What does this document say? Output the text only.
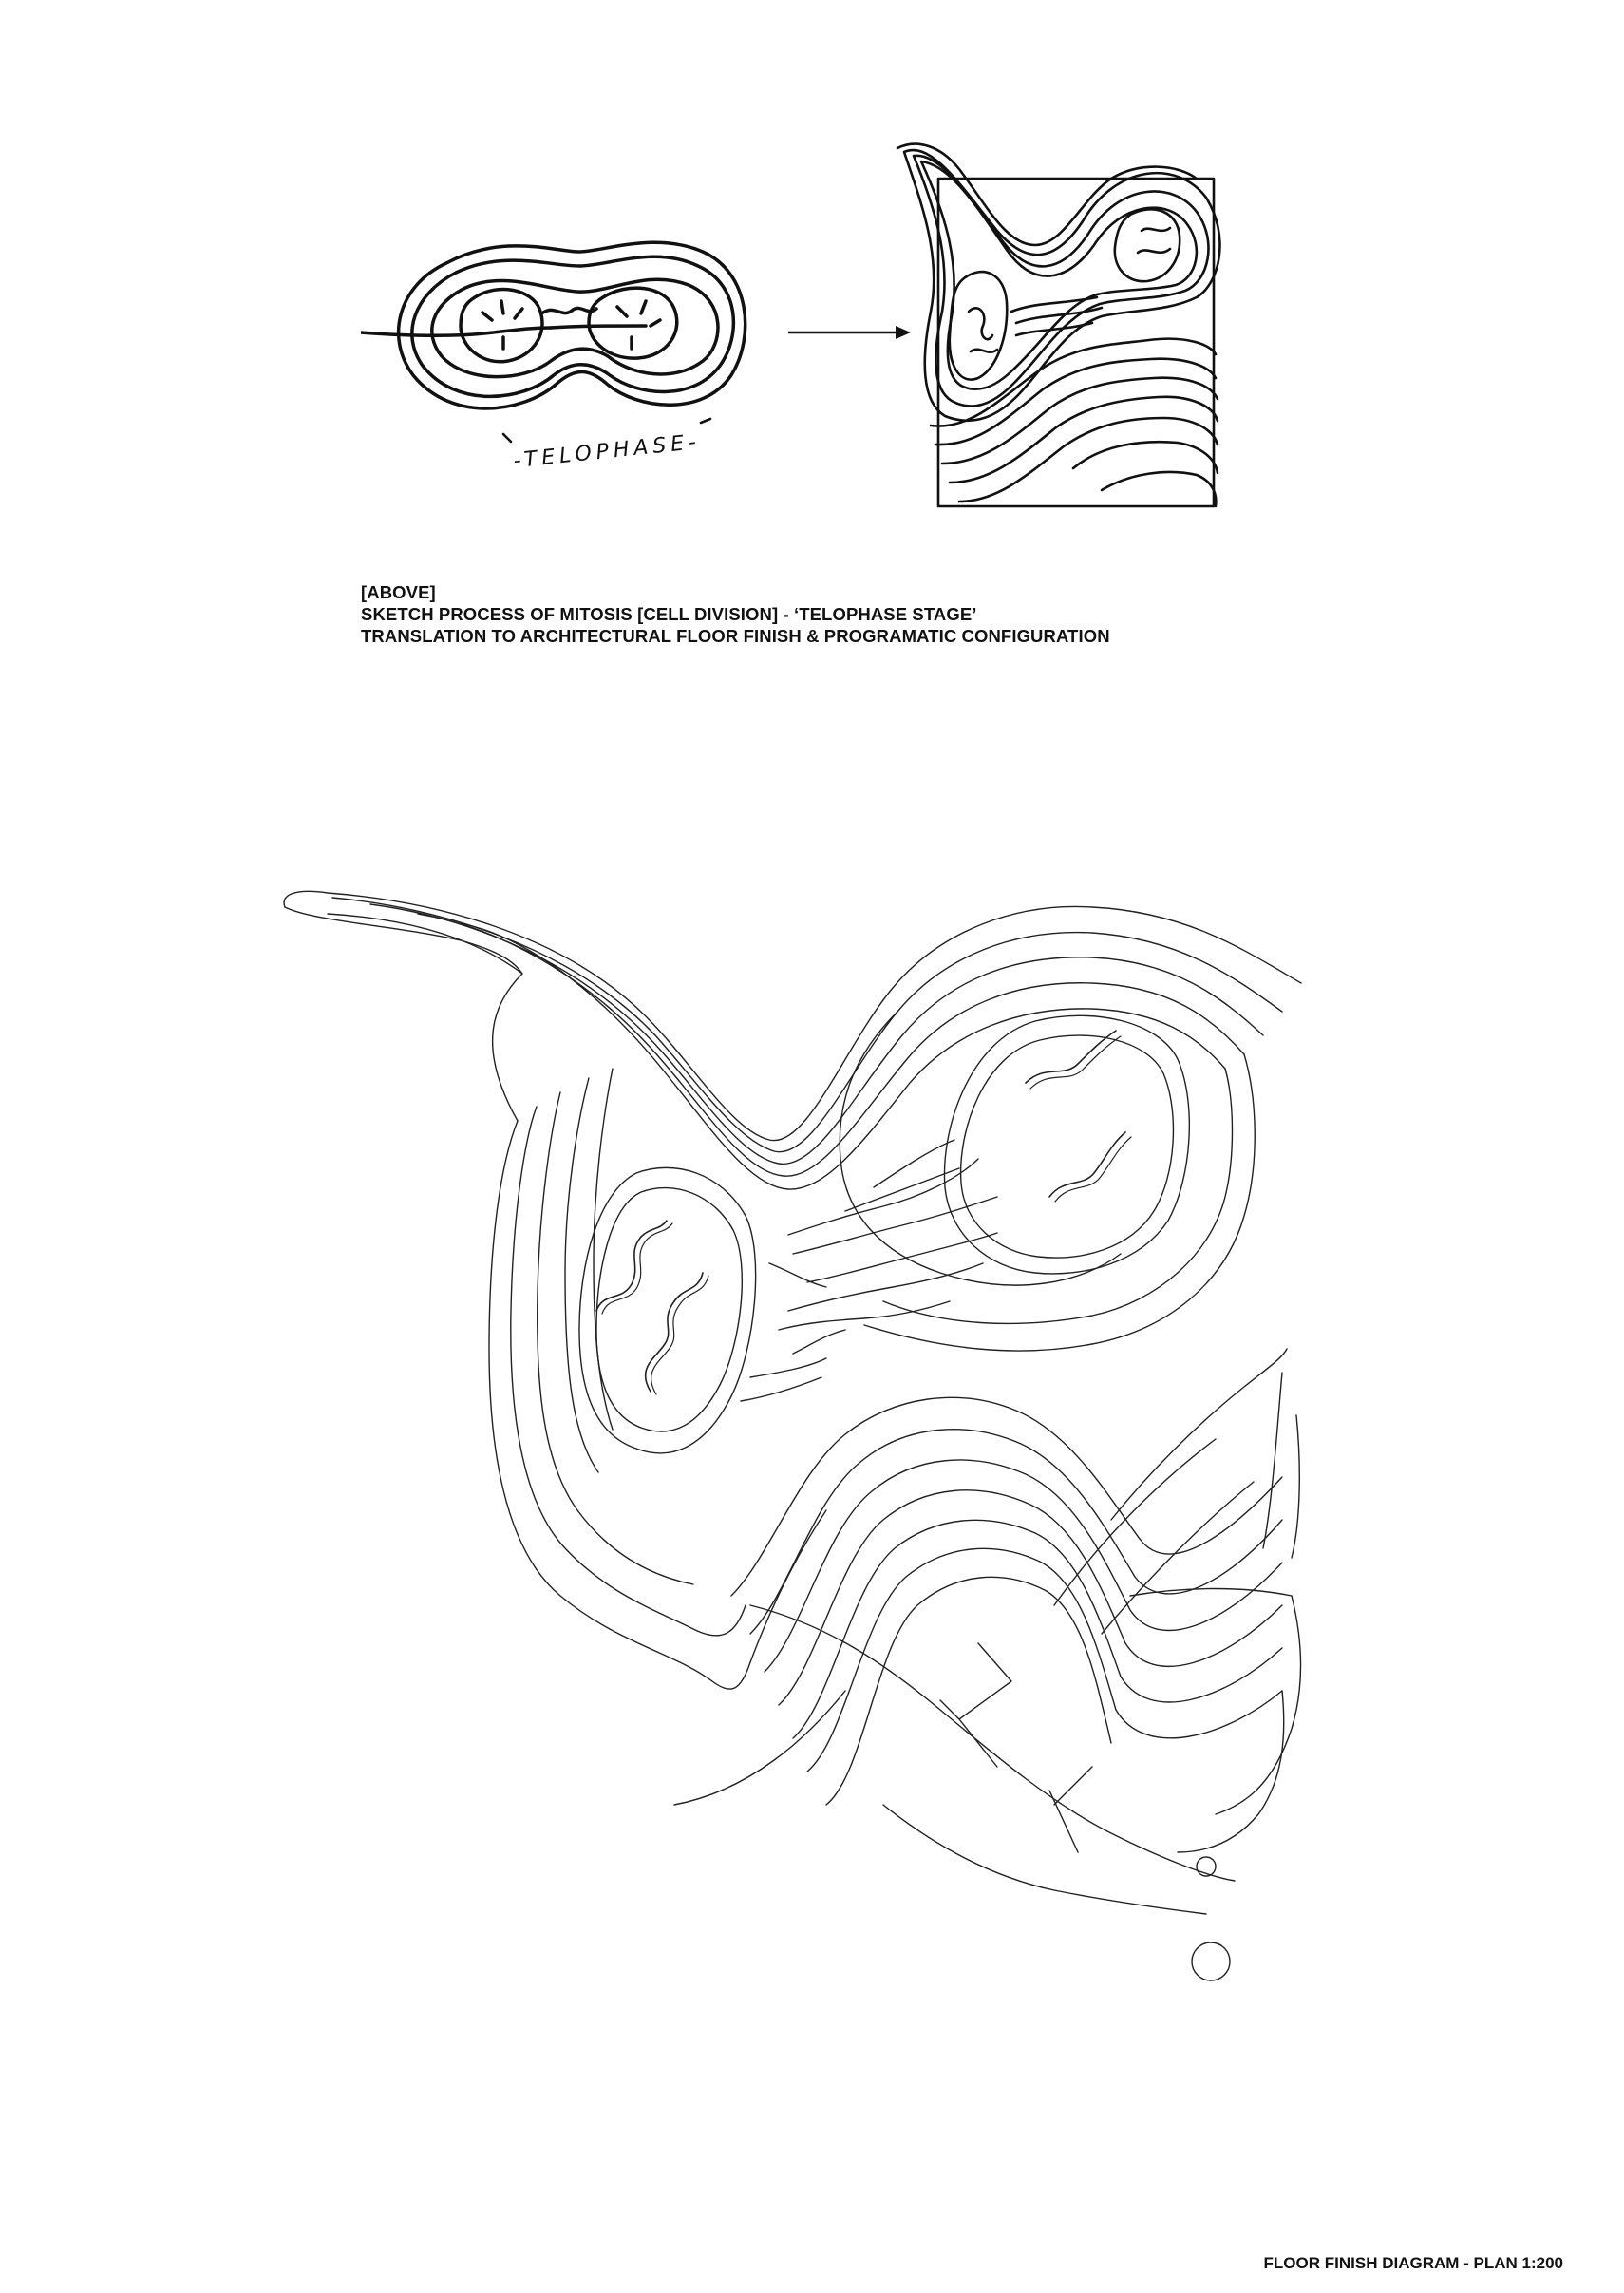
-TELOPHASE-
[ABOVE]
SKETCH PROCESS OF MITOSIS [CELL DIVISION] - ‘TELOPHASE STAGE’
TRANSLATION TO ARCHITECTURAL FLOOR FINISH & PROGRAMATIC CONFIGURATION
FLOOR FINISH DIAGRAM - PLAN 1:200
